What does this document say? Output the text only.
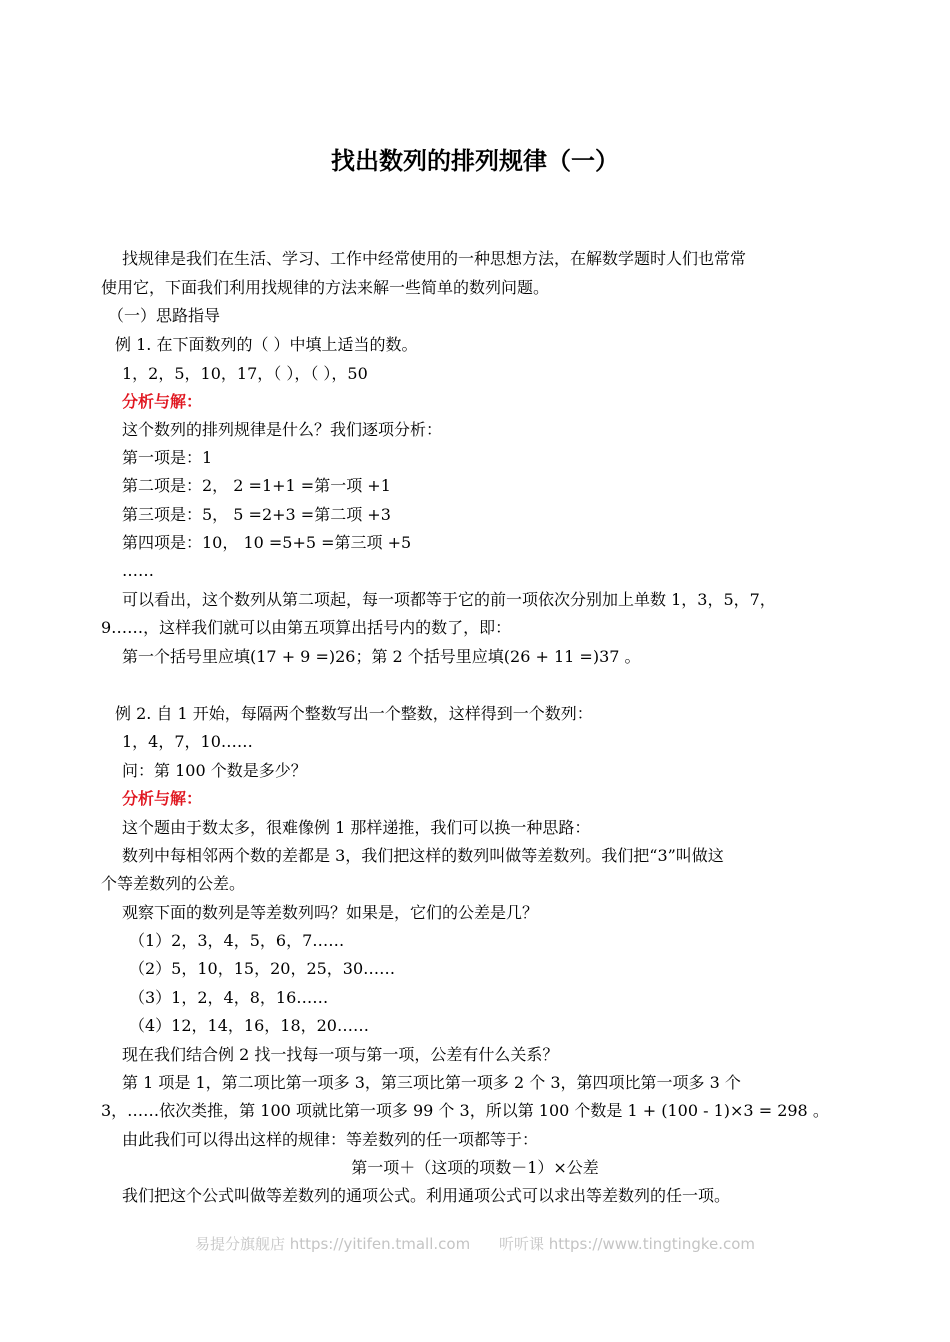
找出数列的排列规律（一）
找规律是我们在生活、学习、工作中经常使用的一种思想方法，在解数学题时人们也常常
使用它，下面我们利用找规律的方法来解一些简单的数列问题。
（一）思路指导
例 1. 在下面数列的（ ）中填上适当的数。
1，2，5，10，17，（ ），（ ），50
分析与解：
这个数列的排列规律是什么？我们逐项分析：
第一项是：1
第二项是：2， 2 =1+1 =第一项 +1
第三项是：5， 5 =2+3 =第二项 +3
第四项是：10， 10 =5+5 =第三项 +5
……
可以看出，这个数列从第二项起，每一项都等于它的前一项依次分别加上单数 1，3，5，7，
9……，这样我们就可以由第五项算出括号内的数了，即：
第一个括号里应填(17 + 9 =)26；第 2 个括号里应填(26 + 11 =)37 。
例 2. 自 1 开始，每隔两个整数写出一个整数，这样得到一个数列：
1，4，7，10……
问：第 100 个数是多少？
分析与解：
这个题由于数太多，很难像例 1 那样递推，我们可以换一种思路：
数列中每相邻两个数的差都是 3，我们把这样的数列叫做等差数列。我们把“3”叫做这
个等差数列的公差。
观察下面的数列是等差数列吗？如果是，它们的公差是几？
（1）2，3，4，5，6，7……
（2）5，10，15，20，25，30……
（3）1，2，4，8，16……
（4）12，14，16，18，20……
现在我们结合例 2 找一找每一项与第一项，公差有什么关系？
第 1 项是 1，第二项比第一项多 3，第三项比第一项多 2 个 3，第四项比第一项多 3 个
3，……依次类推，第 100 项就比第一项多 99 个 3，所以第 100 个数是 1 + (100 - 1)×3 = 298 。
由此我们可以得出这样的规律：等差数列的任一项都等于：
第一项＋（这项的项数－1）×公差
我们把这个公式叫做等差数列的通项公式。利用通项公式可以求出等差数列的任一项。
易提分旗舰店 https://yitifen.tmall.com 听听课 https://www.tingtingke.com
